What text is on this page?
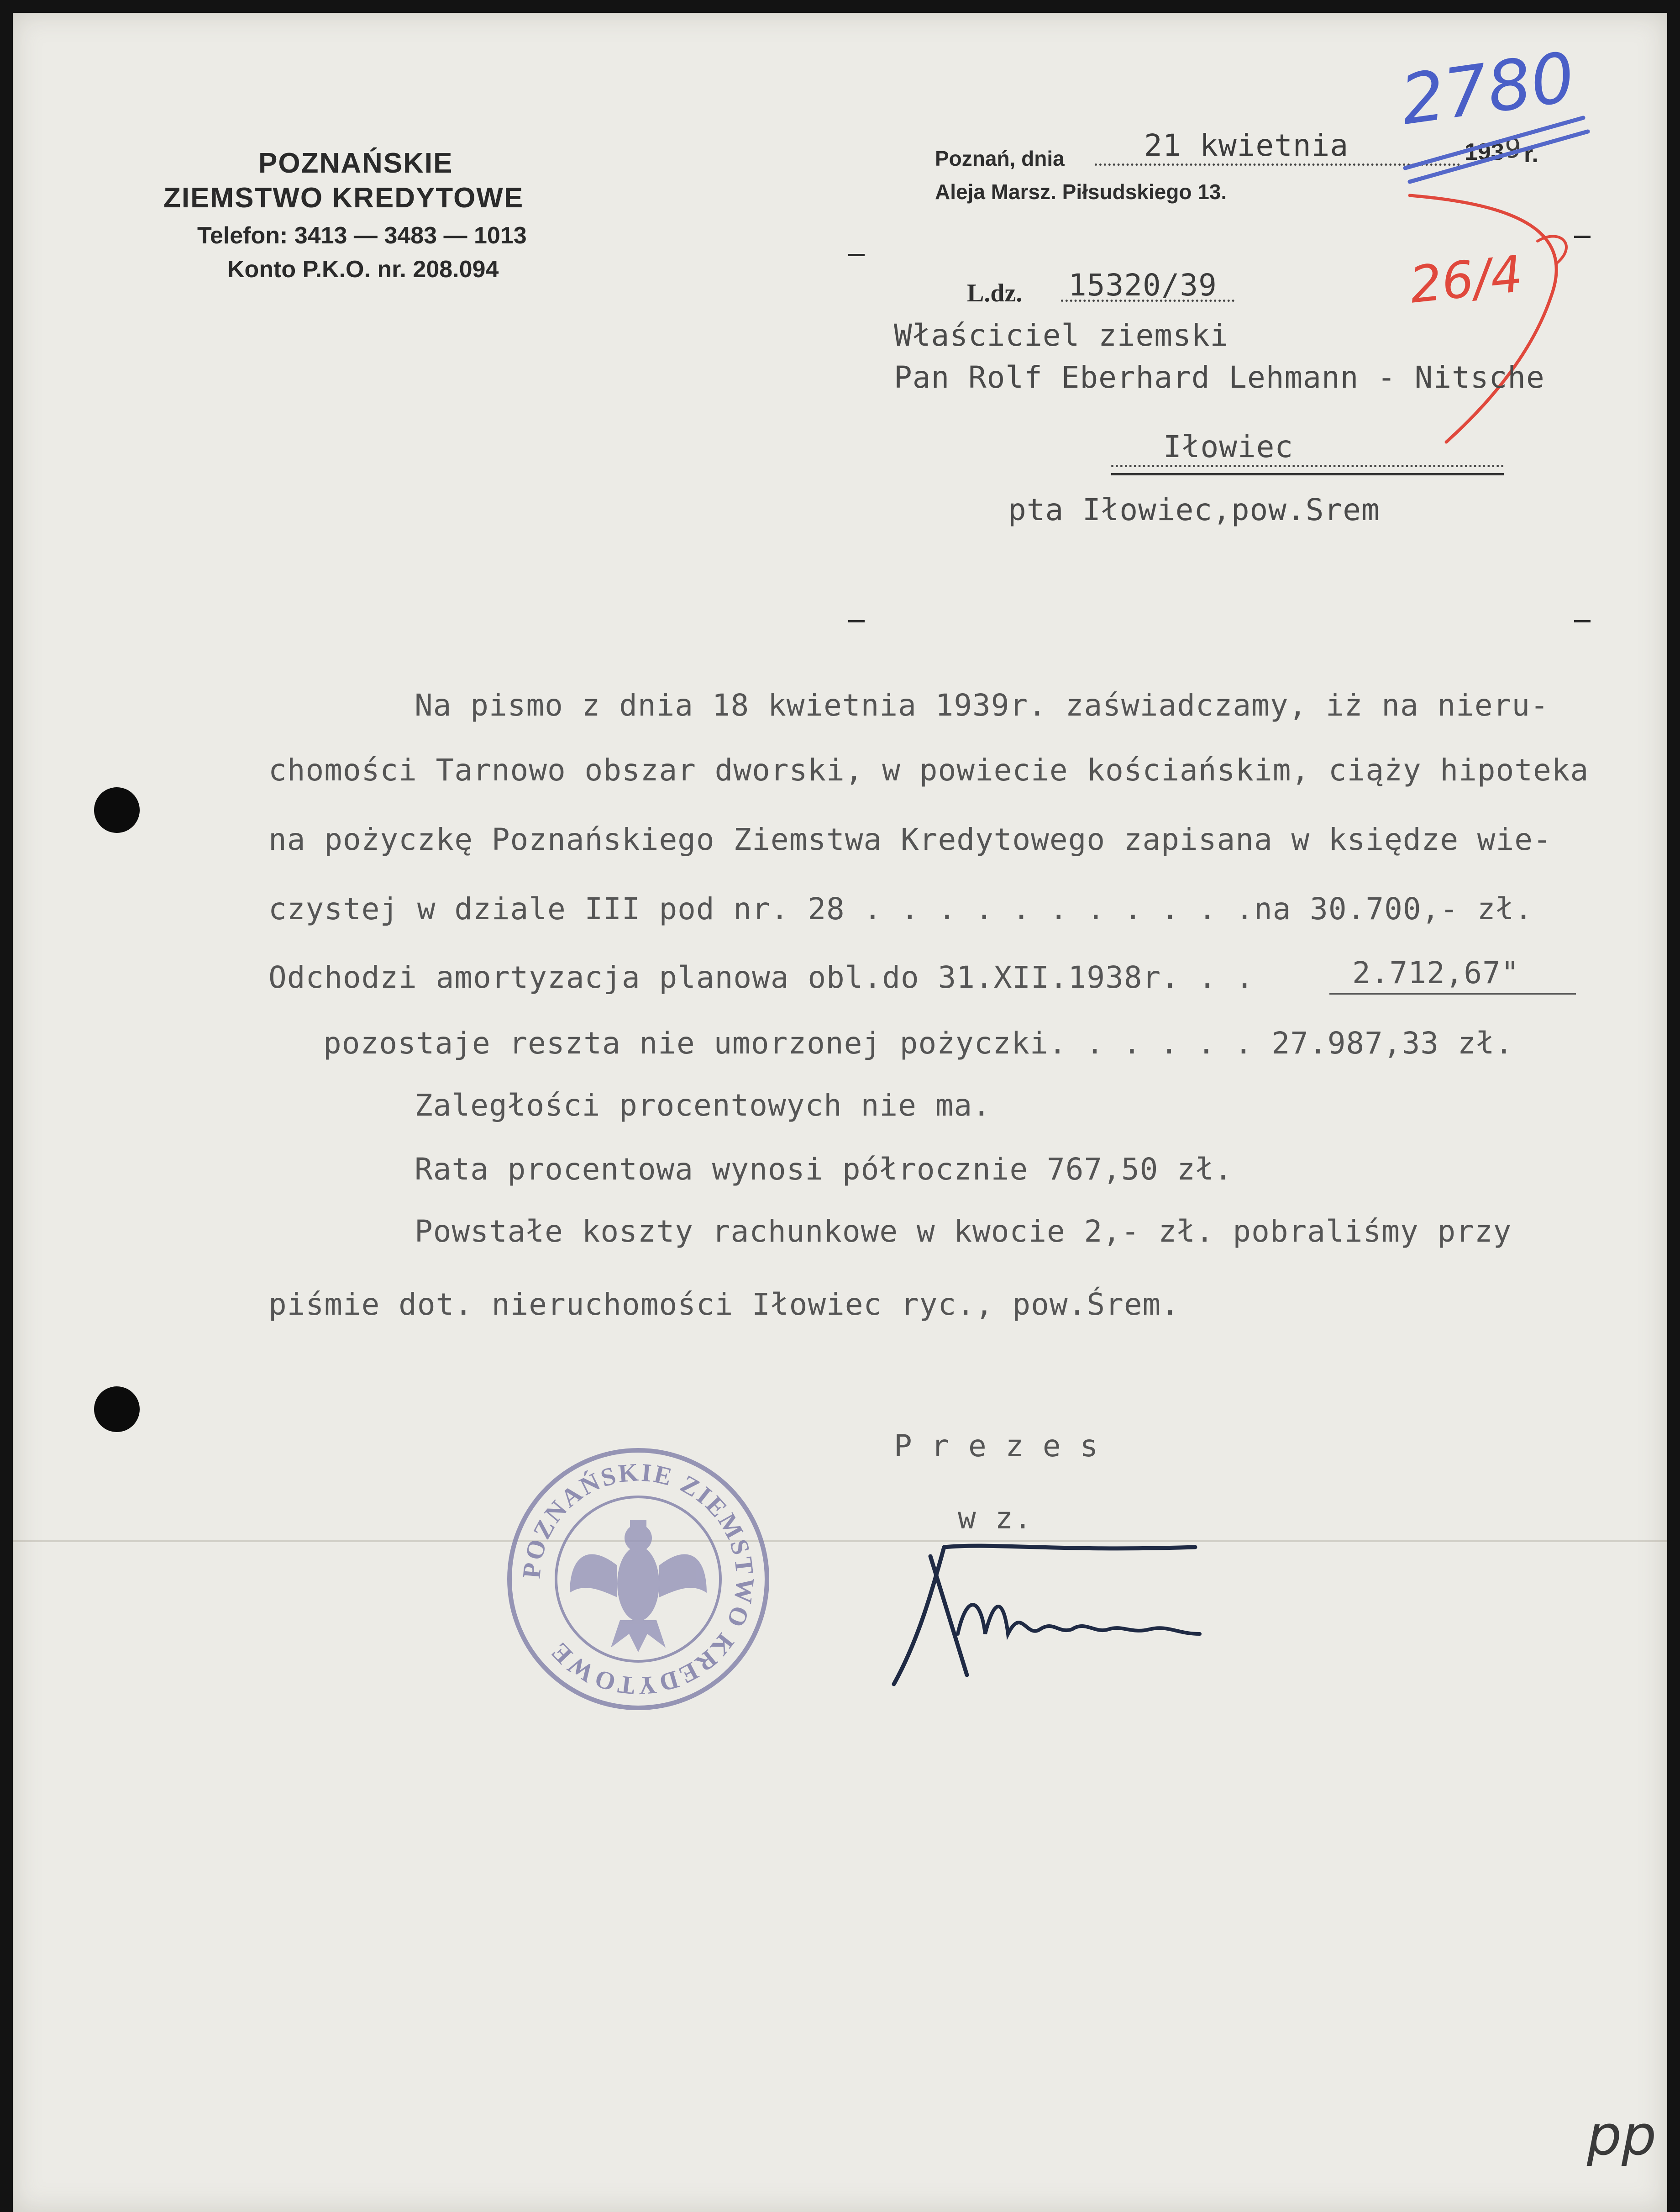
POZNAŃSKIE
ZIEMSTWO KREDYTOWE
Telefon: 3413 — 3483 — 1013
Konto P.K.O. nr. 208.094
Poznań, dnia	21 kwietnia	193 9 r.
Aleja Marsz. Piłsudskiego 13.
2780
26/4
L.dz. 15320/39
Właściciel ziemski
Pan Rolf Eberhard Lehmann - Nitsche
Iłowiec
pta Iłowiec,pow.Srem
Na pismo z dnia 18 kwietnia 1939r. zaświadczamy, iż na nieru-
chomości Tarnowo obszar dworski, w powiecie kościańskim, ciąży hipoteka
na pożyczkę Poznańskiego Ziemstwa Kredytowego zapisana w księdze wie-
czystej w dziale III pod nr. 28 . . . . . . . . . . .na 30.700,- zł.
Odchodzi amortyzacja planowa obl.do 31.XII.1938r. . .	2.712,67"
pozostaje reszta nie umorzonej pożyczki. . . . . . 27.987,33 zł.
Zaległości procentowych nie ma.
Rata procentowa wynosi półrocznie 767,50 zł.
Powstałe koszty rachunkowe w kwocie 2,- zł. pobraliśmy przy
piśmie dot. nieruchomości Iłowiec ryc., pow.Śrem.
P r e z e s
w z.
POZNAŃSKIE ZIEMSTWO KREDYTOWE
pp
